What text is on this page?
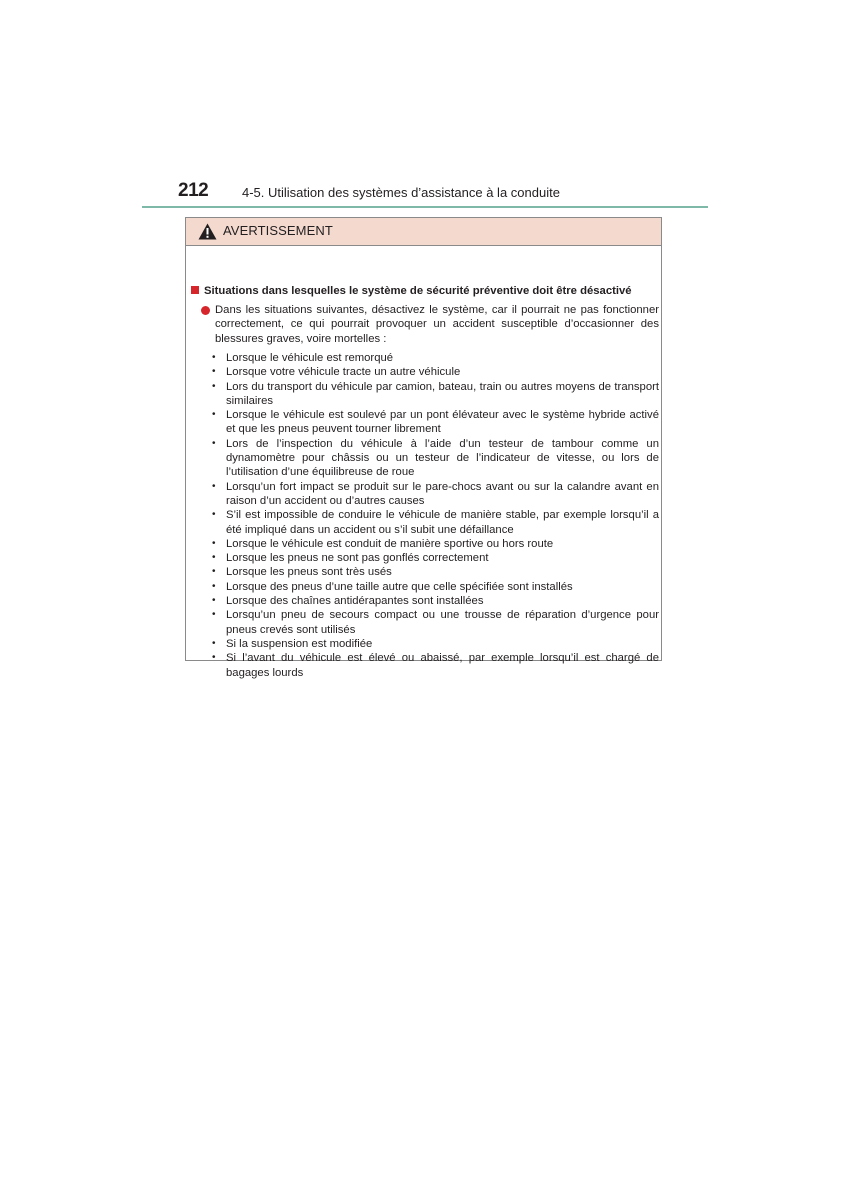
212	4-5. Utilisation des systèmes d’assistance à la conduite
AVERTISSEMENT
Situations dans lesquelles le système de sécurité préventive doit être désactivé
Dans les situations suivantes, désactivez le système, car il pourrait ne pas fonctionner correctement, ce qui pourrait provoquer un accident susceptible d’occasionner des blessures graves, voire mortelles :
• Lorsque le véhicule est remorqué
• Lorsque votre véhicule tracte un autre véhicule
• Lors du transport du véhicule par camion, bateau, train ou autres moyens de transport similaires
• Lorsque le véhicule est soulevé par un pont élévateur avec le système hybride activé et que les pneus peuvent tourner librement
• Lors de l’inspection du véhicule à l’aide d’un testeur de tambour comme un dynamomètre pour châssis ou un testeur de l’indicateur de vitesse, ou lors de l’utilisation d’une équilibreuse de roue
• Lorsqu’un fort impact se produit sur le pare-chocs avant ou sur la calandre avant en raison d’un accident ou d’autres causes
• S’il est impossible de conduire le véhicule de manière stable, par exemple lorsqu’il a été impliqué dans un accident ou s’il subit une défaillance
• Lorsque le véhicule est conduit de manière sportive ou hors route
• Lorsque les pneus ne sont pas gonflés correctement
• Lorsque les pneus sont très usés
• Lorsque des pneus d’une taille autre que celle spécifiée sont installés
• Lorsque des chaînes antidérapantes sont installées
• Lorsqu’un pneu de secours compact ou une trousse de réparation d’urgence pour pneus crevés sont utilisés
• Si la suspension est modifiée
• Si l’avant du véhicule est élevé ou abaissé, par exemple lorsqu’il est chargé de bagages lourds
